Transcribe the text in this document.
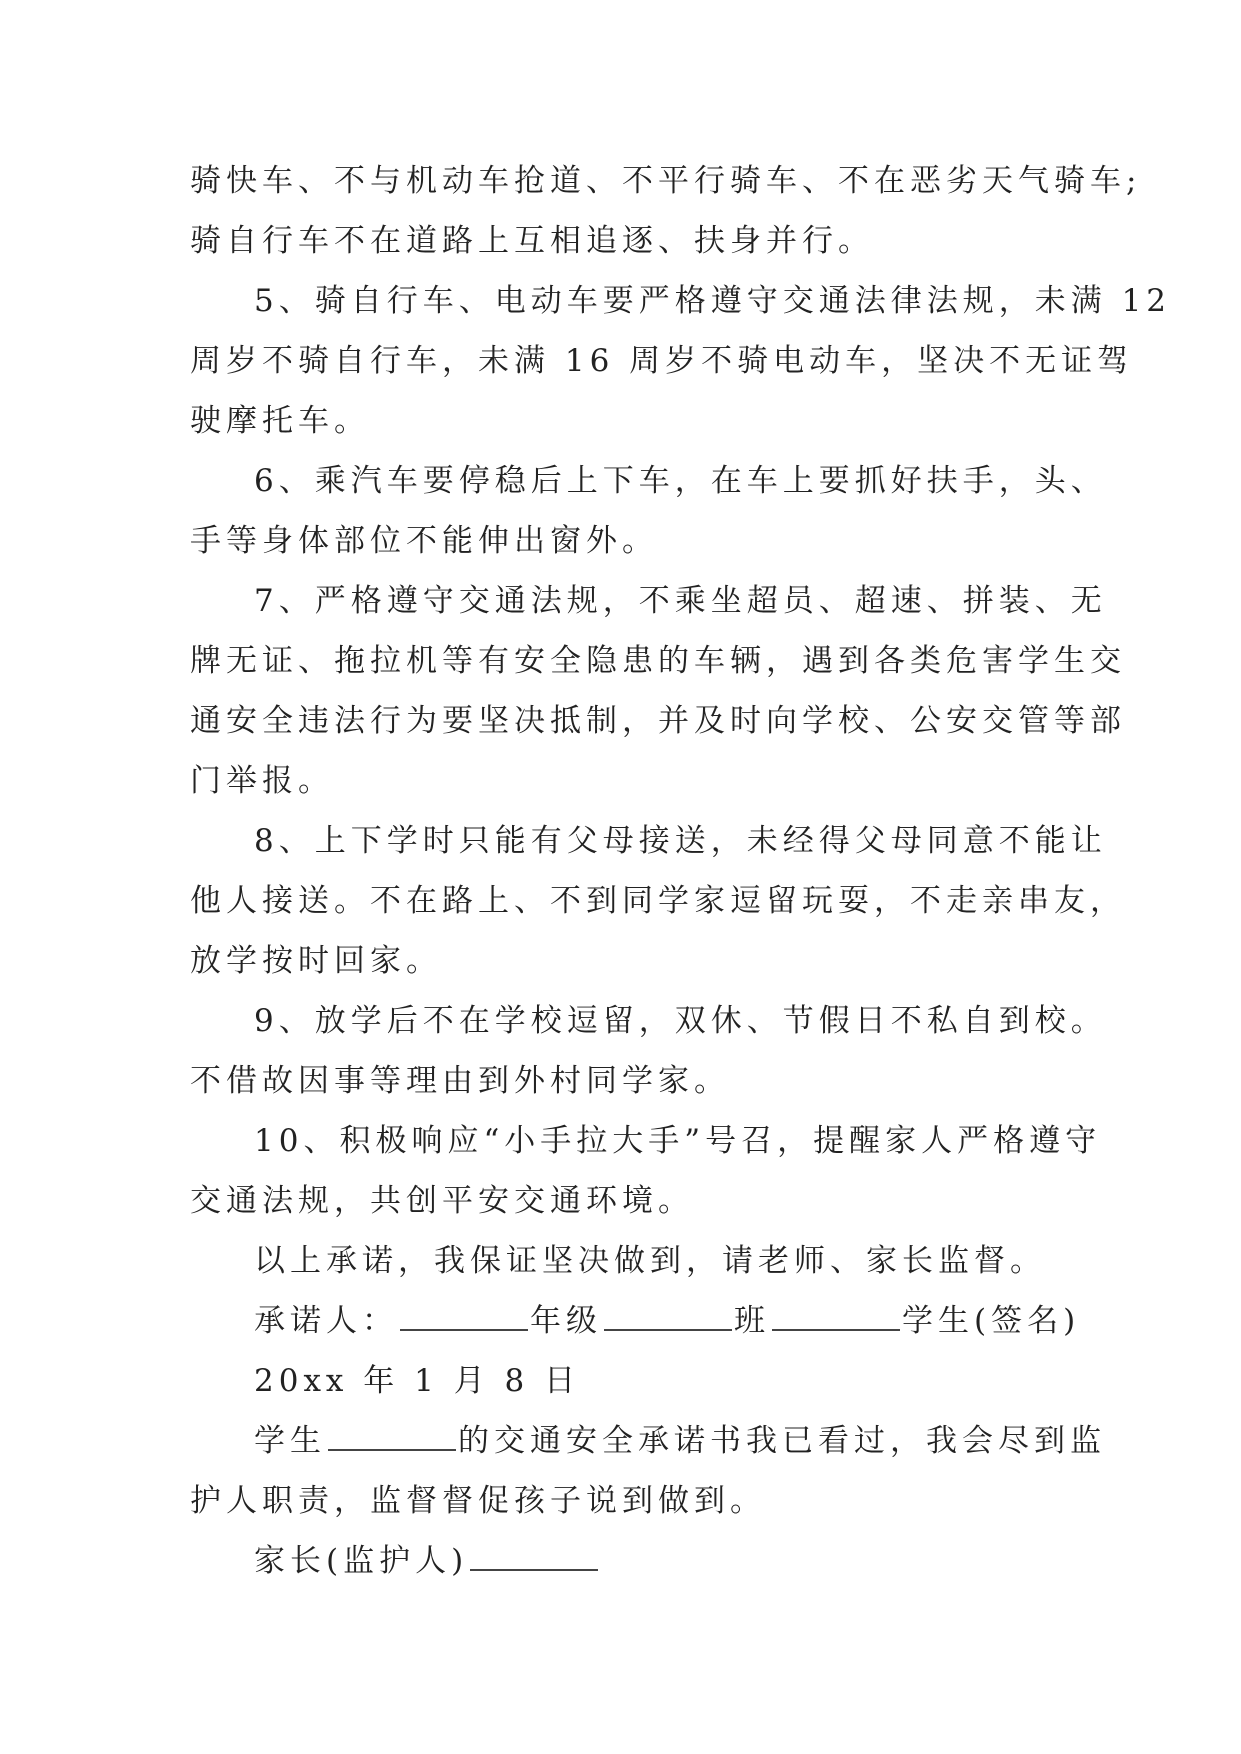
骑快车、不与机动车抢道、不平行骑车、不在恶劣天气骑车;

骑自行车不在道路上互相追逐、扶身并行。

5、骑自行车、电动车要严格遵守交通法律法规，未满 12

周岁不骑自行车，未满 16 周岁不骑电动车，坚决不无证驾

驶摩托车。

6、乘汽车要停稳后上下车，在车上要抓好扶手，头、

手等身体部位不能伸出窗外。

7、严格遵守交通法规，不乘坐超员、超速、拼装、无

牌无证、拖拉机等有安全隐患的车辆，遇到各类危害学生交

通安全违法行为要坚决抵制，并及时向学校、公安交管等部

门举报。

8、上下学时只能有父母接送，未经得父母同意不能让

他人接送。不在路上、不到同学家逗留玩耍，不走亲串友，

放学按时回家。

9、放学后不在学校逗留，双休、节假日不私自到校。

不借故因事等理由到外村同学家。

10、积极响应“小手拉大手”号召，提醒家人严格遵守

交通法规，共创平安交通环境。

以上承诺，我保证坚决做到，请老师、家长监督。

承诺人：	年级	班	学生(签名)

20xx 年 1 月 8 日

学生	的交通安全承诺书我已看过，我会尽到监

护人职责，监督督促孩子说到做到。

家长(监护人)
